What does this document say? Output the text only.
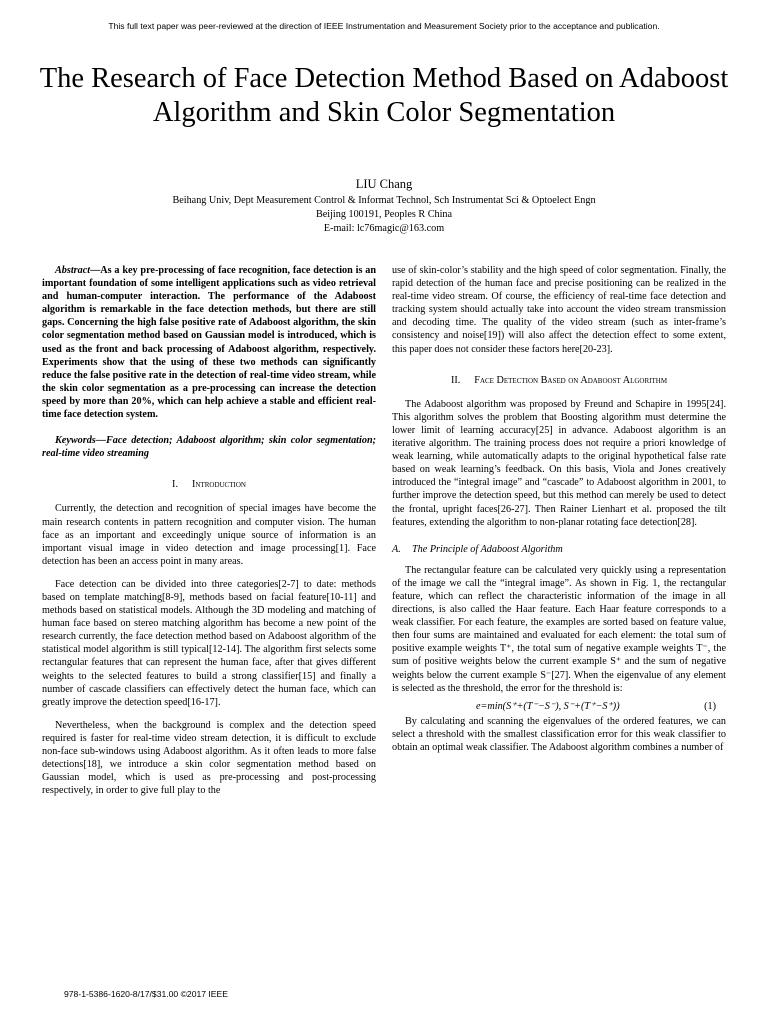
This full text paper was peer-reviewed at the direction of IEEE Instrumentation and Measurement Society prior to the acceptance and publication.
The Research of Face Detection Method Based on Adaboost Algorithm and Skin Color Segmentation
LIU Chang
Beihang Univ, Dept Measurement Control & Informat Technol, Sch Instrumentat Sci & Optoelect Engn
Beijing 100191, Peoples R China
E-mail: lc76magic@163.com

Abstract—As a key pre-processing of face recognition, face detection is an important foundation of some intelligent applications such as video retrieval and human-computer interaction. The performance of the Adaboost algorithm is remarkable in the face detection methods, but there are still gaps. Concerning the high false positive rate of Adaboost algorithm, the skin color segmentation method based on Gaussian model is introduced, which is used as the front and back processing of Adaboost algorithm, respectively. Experiments show that the using of these two methods can significantly reduce the false positive rate in the detection of real-time video stream, while the skin color segmentation as a pre-processing can increase the detection speed by more than 20%, which can help achieve a stable and efficient real-time face detection system.

Keywords—Face detection; Adaboost algorithm; skin color segmentation; real-time video streaming

I. Introduction

Currently, the detection and recognition of special images have become the main research contents in pattern recognition and computer vision. The human face as an important and exceedingly unique source of information is an important visual image in video detection and image processing[1]. Face detection has been an access point in many areas.

Face detection can be divided into three categories[2-7] to date: methods based on template matching[8-9], methods based on facial feature[10-11] and methods based on statistical models. Although the 3D modeling and matching of human face based on stereo matching algorithm has become a new point of the research currently, the face detection method based on Adaboost algorithm of the statistical model algorithm is still typical[12-14]. The algorithm first selects some rectangular features that can represent the human face, after that gives different weights to the selected features to build a strong classifier[15] and finally a number of cascade classifiers can effectively detect the human face, which can greatly improve the detection speed[16-17].

Nevertheless, when the background is complex and the detection speed required is faster for real-time video stream detection, it is difficult to exclude non-face sub-windows using Adaboost algorithm. As it often leads to more false detections[18], we introduce a skin color segmentation method based on Gaussian model, which is used as pre-processing and post-processing respectively, in order to give full play to the

use of skin-color’s stability and the high speed of color segmentation. Finally, the rapid detection of the human face and precise positioning can be realized in the real-time video stream. Of course, the efficiency of real-time face detection and tracking system should actually take into account the video stream transmission and decoding time. The quality of the video stream (such as inter-frame’s consistency and noise[19]) will also affect the detection effect to some extent, this paper does not consider these factors here[20-23].

II. Face Detection Based on Adaboost Algorithm

The Adaboost algorithm was proposed by Freund and Schapire in 1995[24]. This algorithm solves the problem that Boosting algorithm must determine the lower limit of learning accuracy[25] in advance. Adaboost algorithm is an iterative algorithm. The training process does not require a priori knowledge of weak learning, while automatically adapts to the original hypothetical false rate based on weak learning’s feedback. On this basis, Viola and Jones creatively introduced the “integral image” and “cascade” to Adaboost algorithm in 2001, to further improve the detection speed, but this method can merely be used to detect the frontal, upright faces[26-27]. Then Rainer Lienhart et al. proposed the tilt features, extending the algorithm to non-planar rotating face detection[28].

A. The Principle of Adaboost Algorithm

The rectangular feature can be calculated very quickly using a representation of the image we call the “integral image”. As shown in Fig. 1, the rectangular feature, which can reflect the characteristic information of the image in all directions, is also called the Haar feature. Each Haar feature corresponds to a weak classifier. For each feature, the examples are sorted based on feature value, then four sums are maintained and evaluated for each element: the total sum of positive example weights T⁺, the total sum of negative example weights T⁻, the sum of positive weights below the current example S⁺ and the sum of negative weights below the current example S⁻[27]. When the eigenvalue of any element is selected as the threshold, the error for the threshold is:

e=min(S⁺+(T⁻−S⁻), S⁻+(T⁺−S⁺))	(1)

By calculating and scanning the eigenvalues of the ordered features, we can select a threshold with the smallest classification error for this weak classifier to obtain an optimal weak classifier. The Adaboost algorithm combines a number of

978-1-5386-1620-8/17/$31.00 ©2017 IEEE
